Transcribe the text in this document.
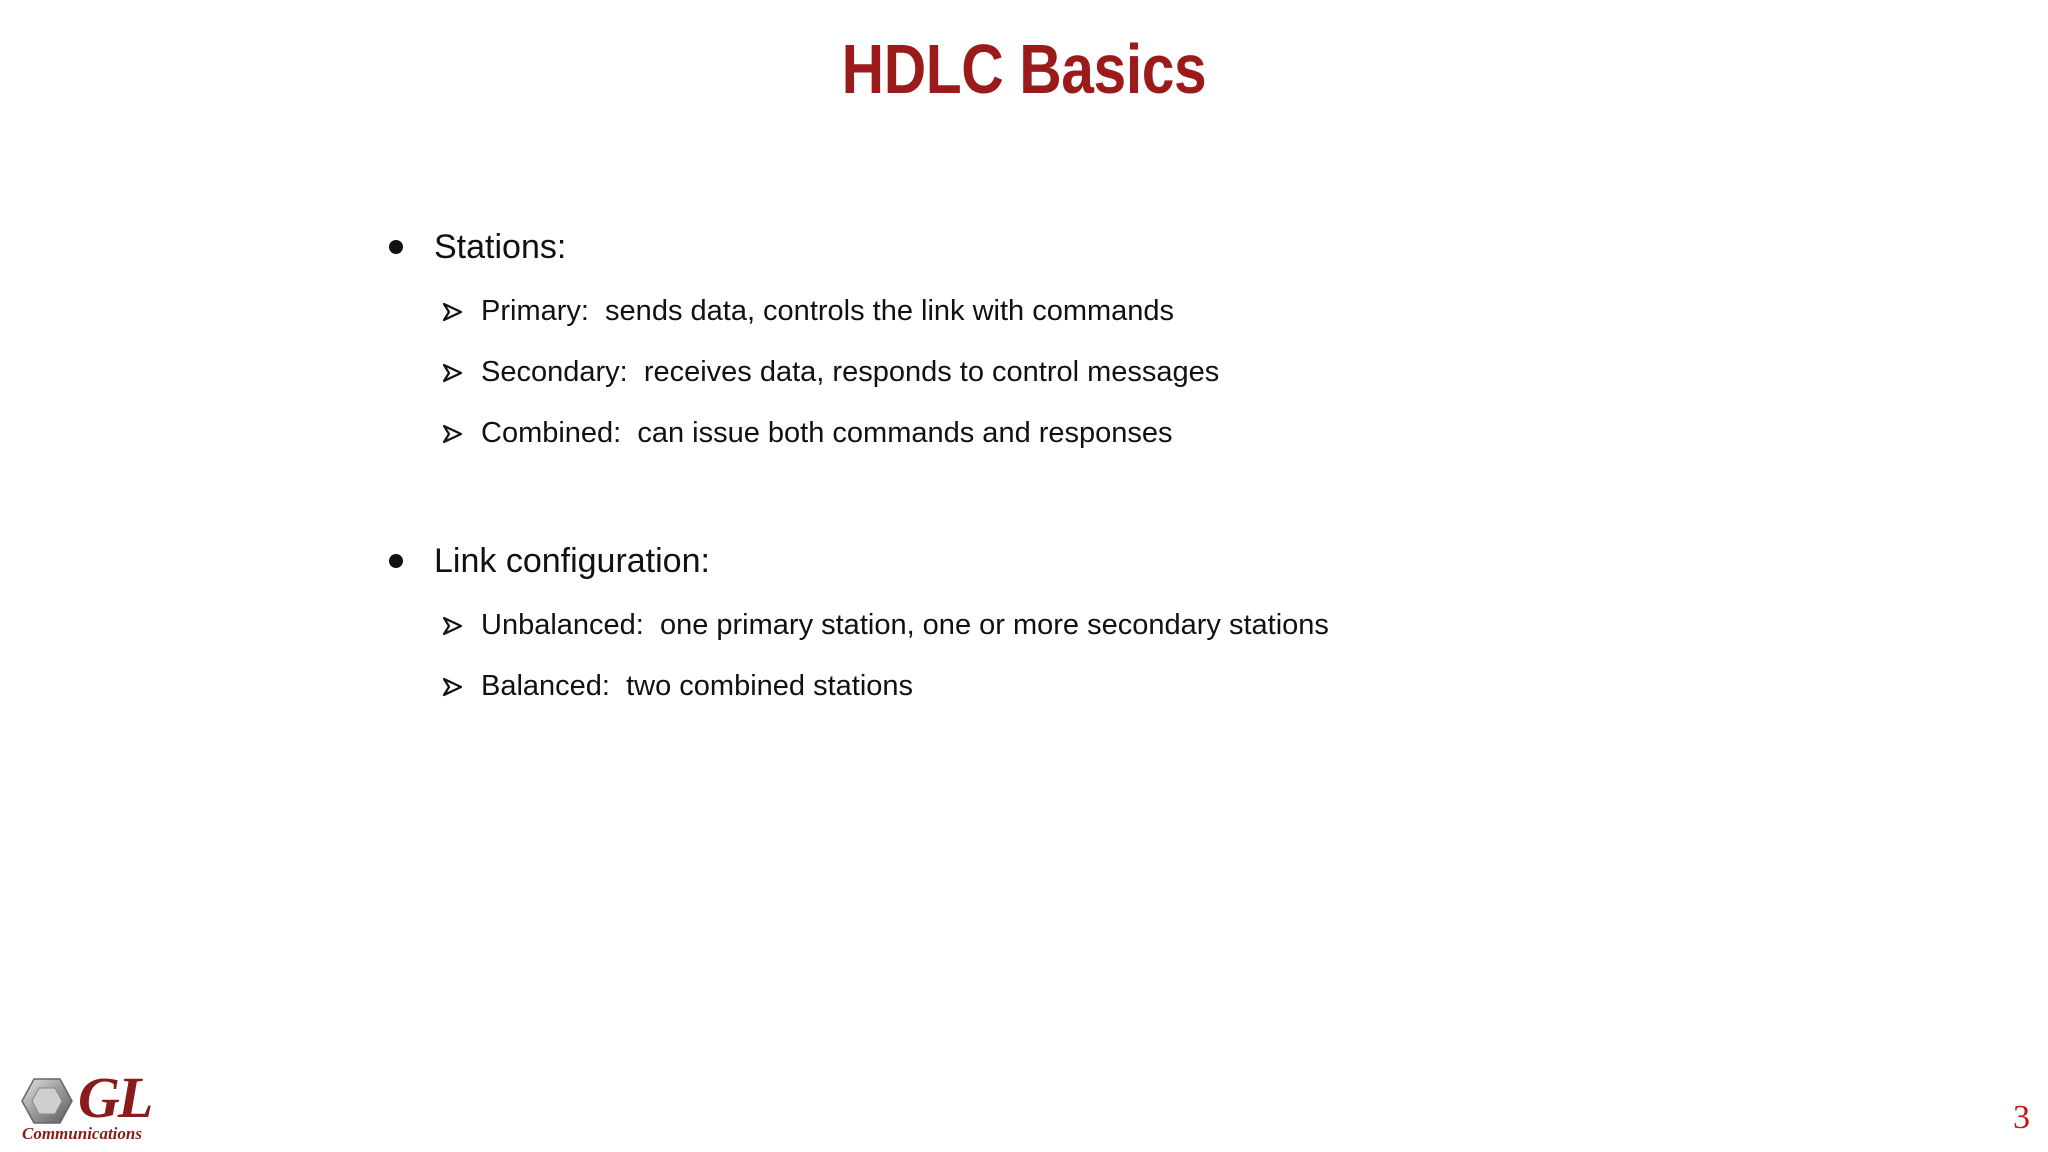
HDLC Basics
Stations:
Primary:  sends data, controls the link with commands
Secondary:  receives data, responds to control messages
Combined:  can issue both commands and responses
Link configuration:
Unbalanced:  one primary station, one or more secondary stations
Balanced:  two combined stations
GL
Communications	3
